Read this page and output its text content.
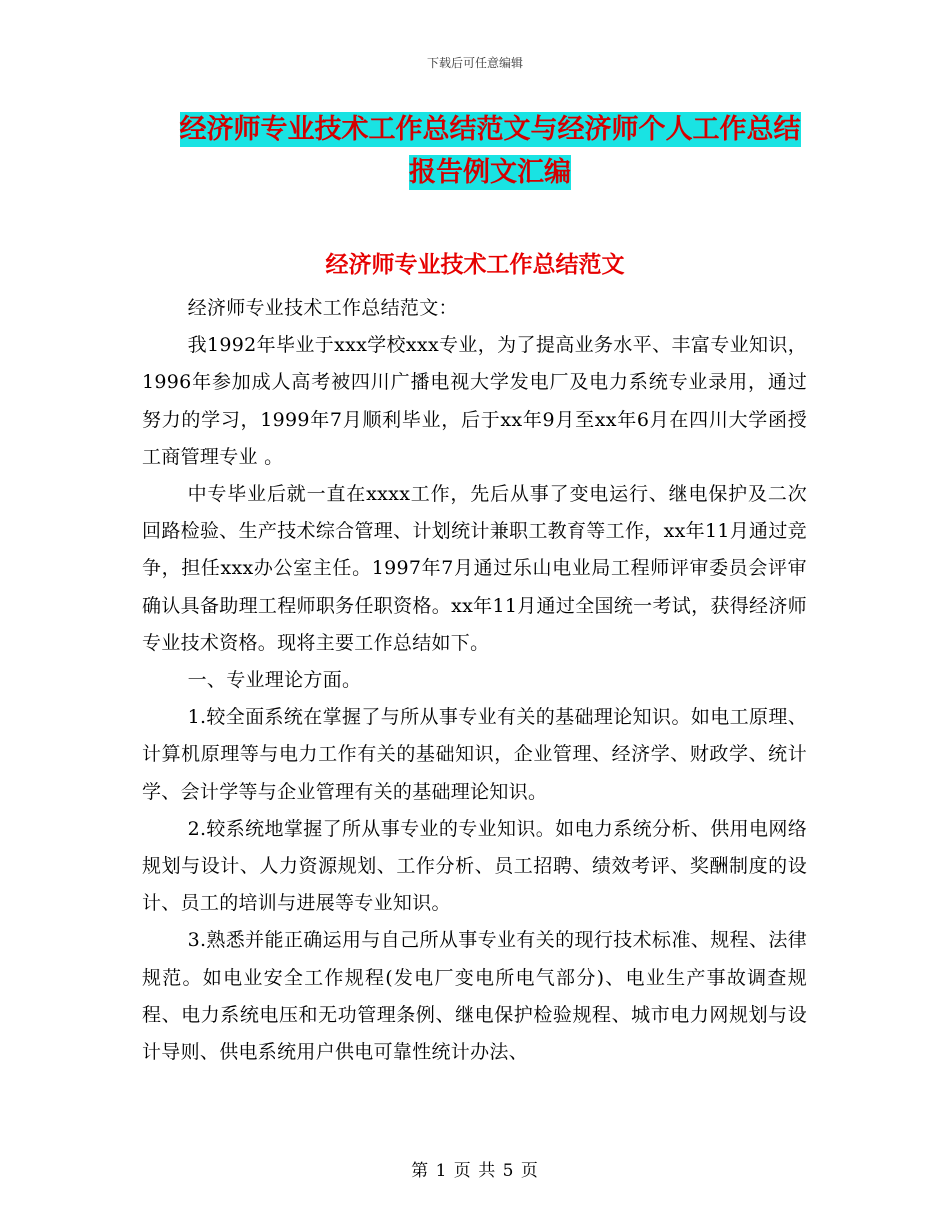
下载后可任意编辑
经济师专业技术工作总结范文与经济师个人工作总结
报告例文汇编
经济师专业技术工作总结范文

经济师专业技术工作总结范文：

我1992年毕业于xxx学校xxx专业，为了提高业务水平、丰富专业知识，1996年参加成人高考被四川广播电视大学发电厂及电力系统专业录用，通过努力的学习，1999年7月顺利毕业，后于xx年9月至xx年6月在四川大学函授工商管理专业 。

中专毕业后就一直在xxxx工作，先后从事了变电运行、继电保护及二次回路检验、生产技术综合管理、计划统计兼职工教育等工作，xx年11月通过竞争，担任xxx办公室主任。1997年7月通过乐山电业局工程师评审委员会评审确认具备助理工程师职务任职资格。xx年11月通过全国统一考试，获得经济师专业技术资格。现将主要工作总结如下。

一、专业理论方面。

1.较全面系统在掌握了与所从事专业有关的基础理论知识。如电工原理、计算机原理等与电力工作有关的基础知识，企业管理、经济学、财政学、统计学、会计学等与企业管理有关的基础理论知识。

2.较系统地掌握了所从事专业的专业知识。如电力系统分析、供用电网络规划与设计、人力资源规划、工作分析、员工招聘、绩效考评、奖酬制度的设计、员工的培训与进展等专业知识。

3.熟悉并能正确运用与自己所从事专业有关的现行技术标准、规程、法律规范。如电业安全工作规程(发电厂变电所电气部分)、电业生产事故调查规程、电力系统电压和无功管理条例、继电保护检验规程、城市电力网规划与设计导则、供电系统用户供电可靠性统计办法、

第 1 页 共 5 页
